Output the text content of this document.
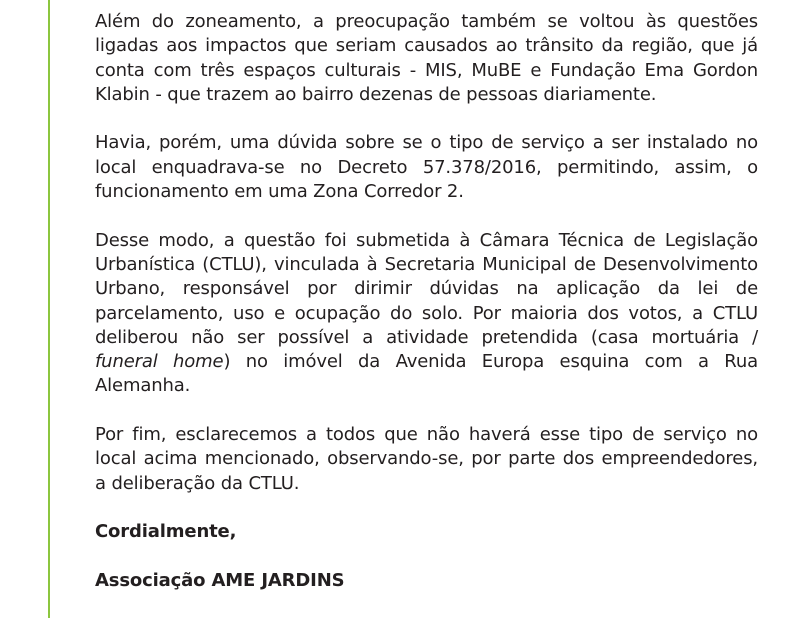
Além do zoneamento, a preocupação também se voltou às questões ligadas aos impactos que seriam causados ao trânsito da região, que já conta com três espaços culturais - MIS, MuBE e Fundação Ema Gordon Klabin - que trazem ao bairro dezenas de pessoas diariamente.

Havia, porém, uma dúvida sobre se o tipo de serviço a ser instalado no local enquadrava-se no Decreto 57.378/2016, permitindo, assim, o funcionamento em uma Zona Corredor 2.

Desse modo, a questão foi submetida à Câmara Técnica de Legislação Urbanística (CTLU), vinculada à Secretaria Municipal de Desenvolvimento Urbano, responsável por dirimir dúvidas na aplicação da lei de parcelamento, uso e ocupação do solo. Por maioria dos votos, a CTLU deliberou não ser possível a atividade pretendida (casa mortuária / funeral home) no imóvel da Avenida Europa esquina com a Rua Alemanha.

Por fim, esclarecemos a todos que não haverá esse tipo de serviço no local acima mencionado, observando-se, por parte dos empreendedores, a deliberação da CTLU.

Cordialmente,
Associação AME JARDINS
